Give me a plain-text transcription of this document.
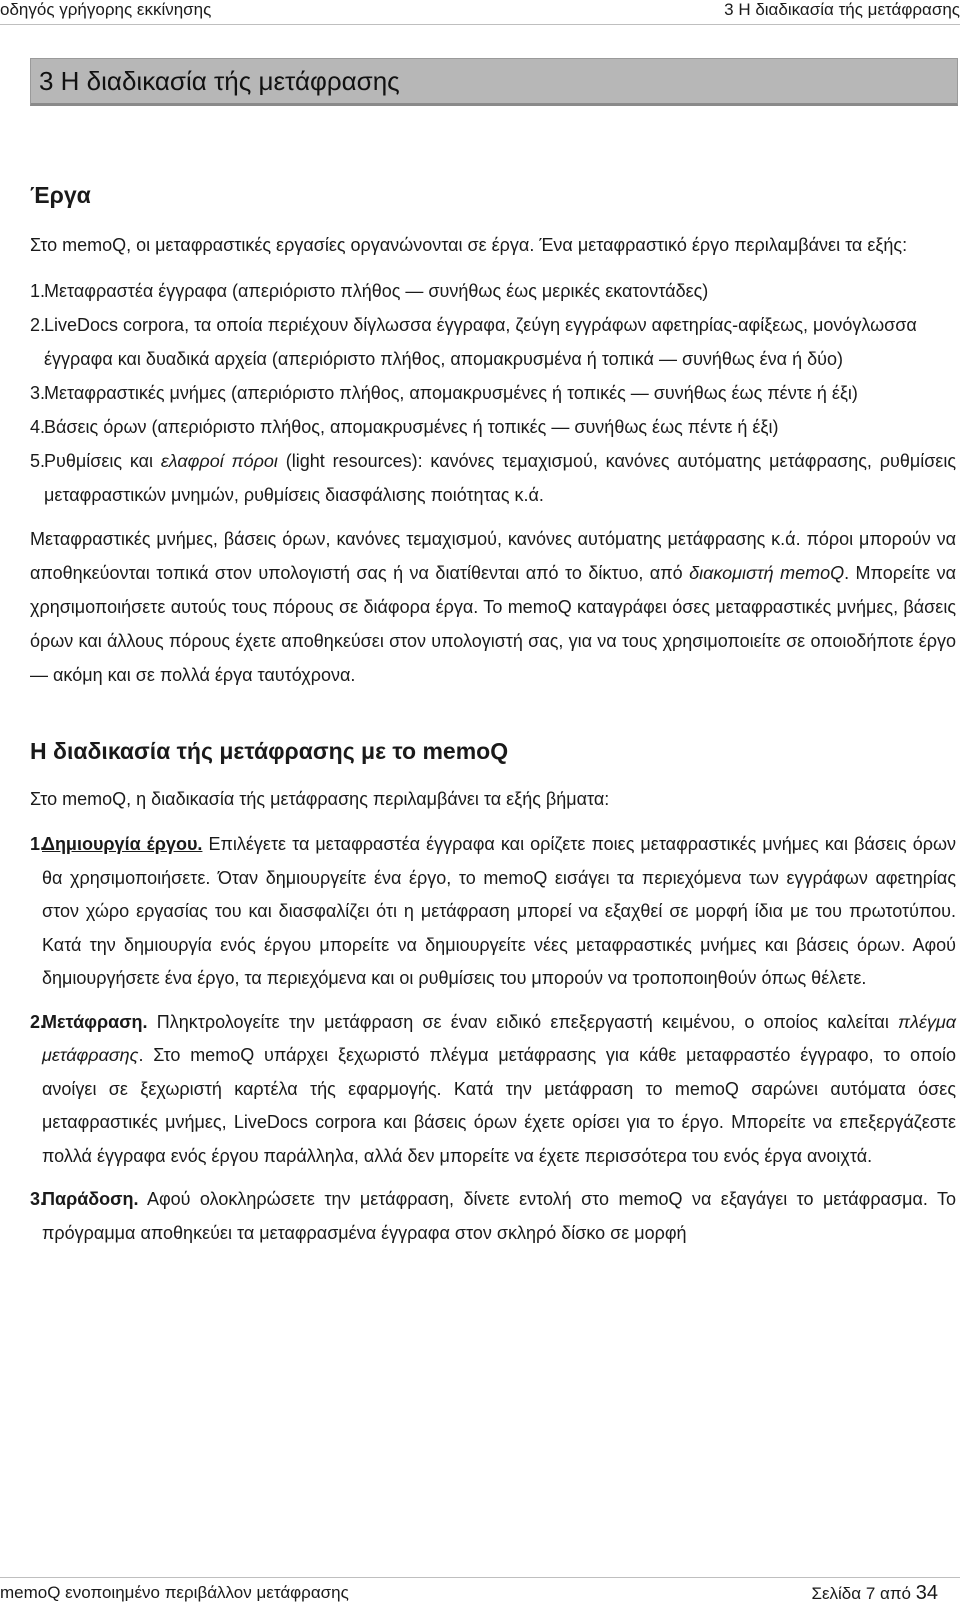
οδηγός γρήγορης εκκίνησης	3 Η διαδικασία τής μετάφρασης
3 Η διαδικασία τής μετάφρασης
Έργα

Στο memoQ, οι μεταφραστικές εργασίες οργανώνονται σε έργα. Ένα μεταφραστικό έργο περιλαμβάνει τα εξής:

1.
Μεταφραστέα έγγραφα (απεριόριστο πλήθος — συνήθως έως μερικές εκατοντάδες)
2.
LiveDocs corpora, τα οποία περιέχουν δίγλωσσα έγγραφα, ζεύγη εγγράφων αφετηρίας-αφίξεως, μονόγλωσσα έγγραφα και δυαδικά αρχεία (απεριόριστο πλήθος, απομακρυσμένα ή τοπικά — συνήθως ένα ή δύο)
3.
Μεταφραστικές μνήμες (απεριόριστο πλήθος, απομακρυσμένες ή τοπικές — συνήθως έως πέντε ή έξι)
4.
Βάσεις όρων (απεριόριστο πλήθος, απομακρυσμένες ή τοπικές — συνήθως έως πέντε ή έξι)
5.
Ρυθμίσεις και ελαφροί πόροι (light resources): κανόνες τεμαχισμού, κανόνες αυτόματης μετάφρασης, ρυθμίσεις μεταφραστικών μνημών, ρυθμίσεις διασφάλισης ποιότητας κ.ά.

Μεταφραστικές μνήμες, βάσεις όρων, κανόνες τεμαχισμού, κανόνες αυτόματης μετάφρασης κ.ά. πόροι μπορούν να αποθηκεύονται τοπικά στον υπολογιστή σας ή να διατίθενται από το δίκτυο, από διακομιστή memoQ. Μπορείτε να χρησιμοποιήσετε αυτούς τους πόρους σε διάφορα έργα. Το memoQ καταγράφει όσες μεταφραστικές μνήμες, βάσεις όρων και άλλους πόρους έχετε αποθηκεύσει στον υπολογιστή σας, για να τους χρησιμοποιείτε σε οποιοδήποτε έργο — ακόμη και σε πολλά έργα ταυτόχρονα.

Η διαδικασία τής μετάφρασης με το memoQ

Στο memoQ, η διαδικασία τής μετάφρασης περιλαμβάνει τα εξής βήματα:

1.
Δημιουργία έργου. Επιλέγετε τα μεταφραστέα έγγραφα και ορίζετε ποιες μεταφραστικές μνήμες και βάσεις όρων θα χρησιμοποιήσετε. Όταν δημιουργείτε ένα έργο, το memoQ εισάγει τα περιεχόμενα των εγγράφων αφετηρίας στον χώρο εργασίας του και διασφαλίζει ότι η μετάφραση μπορεί να εξαχθεί σε μορφή ίδια με του πρωτοτύπου. Κατά την δημιουργία ενός έργου μπορείτε να δημιουργείτε νέες μεταφραστικές μνήμες και βάσεις όρων. Αφού δημιουργήσετε ένα έργο, τα περιεχόμενα και οι ρυθμίσεις του μπορούν να τροποποιηθούν όπως θέλετε.
2.
Μετάφραση. Πληκτρολογείτε την μετάφραση σε έναν ειδικό επεξεργαστή κειμένου, ο οποίος καλείται πλέγμα μετάφρασης. Στο memoQ υπάρχει ξεχωριστό πλέγμα μετάφρασης για κάθε μεταφραστέο έγγραφο, το οποίο ανοίγει σε ξεχωριστή καρτέλα τής εφαρμογής. Κατά την μετάφραση το memoQ σαρώνει αυτόματα όσες μεταφραστικές μνήμες, LiveDocs corpora και βάσεις όρων έχετε ορίσει για το έργο. Μπορείτε να επεξεργάζεστε πολλά έγγραφα ενός έργου παράλληλα, αλλά δεν μπορείτε να έχετε περισσότερα του ενός έργα ανοιχτά.
3.
Παράδοση. Αφού ολοκληρώσετε την μετάφραση, δίνετε εντολή στο memoQ να εξαγάγει το μετάφρασμα. Το πρόγραμμα αποθηκεύει τα μεταφρασμένα έγγραφα στον σκληρό δίσκο σε μορφή
memoQ ενοποιημένο περιβάλλον μετάφρασης	Σελίδα 7 από 34
